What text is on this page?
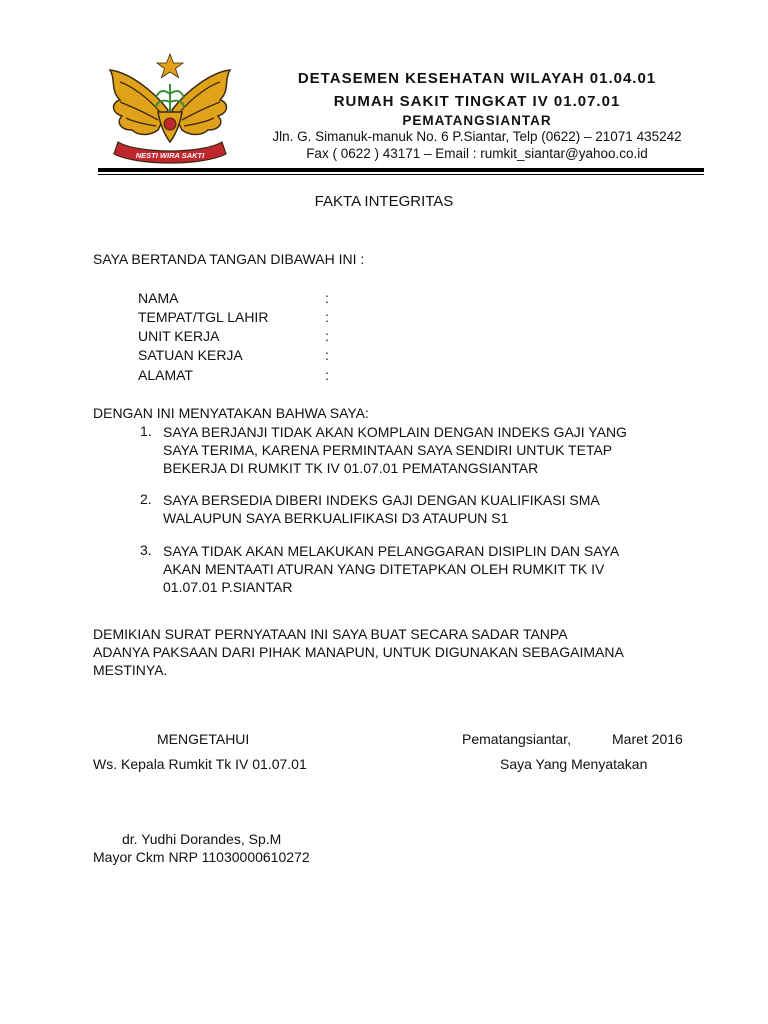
NESTI WIRA SAKTI
DETASEMEN KESEHATAN WILAYAH 01.04.01
RUMAH SAKIT TINGKAT IV 01.07.01
PEMATANGSIANTAR
Jln. G. Simanuk-manuk No. 6 P.Siantar, Telp (0622) – 21071 435242
Fax ( 0622 ) 43171 – Email : rumkit_siantar@yahoo.co.id
FAKTA INTEGRITAS
SAYA BERTANDA TANGAN DIBAWAH INI :
NAMA	:
TEMPAT/TGL LAHIR	:
UNIT KERJA	:
SATUAN KERJA	:
ALAMAT	:
DENGAN INI MENYATAKAN BAHWA SAYA:
1. SAYA BERJANJI TIDAK AKAN KOMPLAIN DENGAN INDEKS GAJI YANG
SAYA TERIMA, KARENA PERMINTAAN SAYA SENDIRI UNTUK TETAP
BEKERJA DI RUMKIT TK IV 01.07.01 PEMATANGSIANTAR
2. SAYA BERSEDIA DIBERI INDEKS GAJI DENGAN KUALIFIKASI SMA
WALAUPUN SAYA BERKUALIFIKASI D3 ATAUPUN S1
3. SAYA TIDAK AKAN MELAKUKAN PELANGGARAN DISIPLIN DAN SAYA
AKAN MENTAATI ATURAN YANG DITETAPKAN OLEH RUMKIT TK IV
01.07.01 P.SIANTAR
DEMIKIAN SURAT PERNYATAAN INI SAYA BUAT SECARA SADAR TANPA
ADANYA PAKSAAN DARI PIHAK MANAPUN, UNTUK DIGUNAKAN SEBAGAIMANA
MESTINYA.
MENGETAHUI
Ws. Kepala Rumkit Tk IV 01.07.01
Pematangsiantar,	Maret 2016
Saya Yang Menyatakan
dr. Yudhi Dorandes, Sp.M
Mayor Ckm NRP 11030000610272
